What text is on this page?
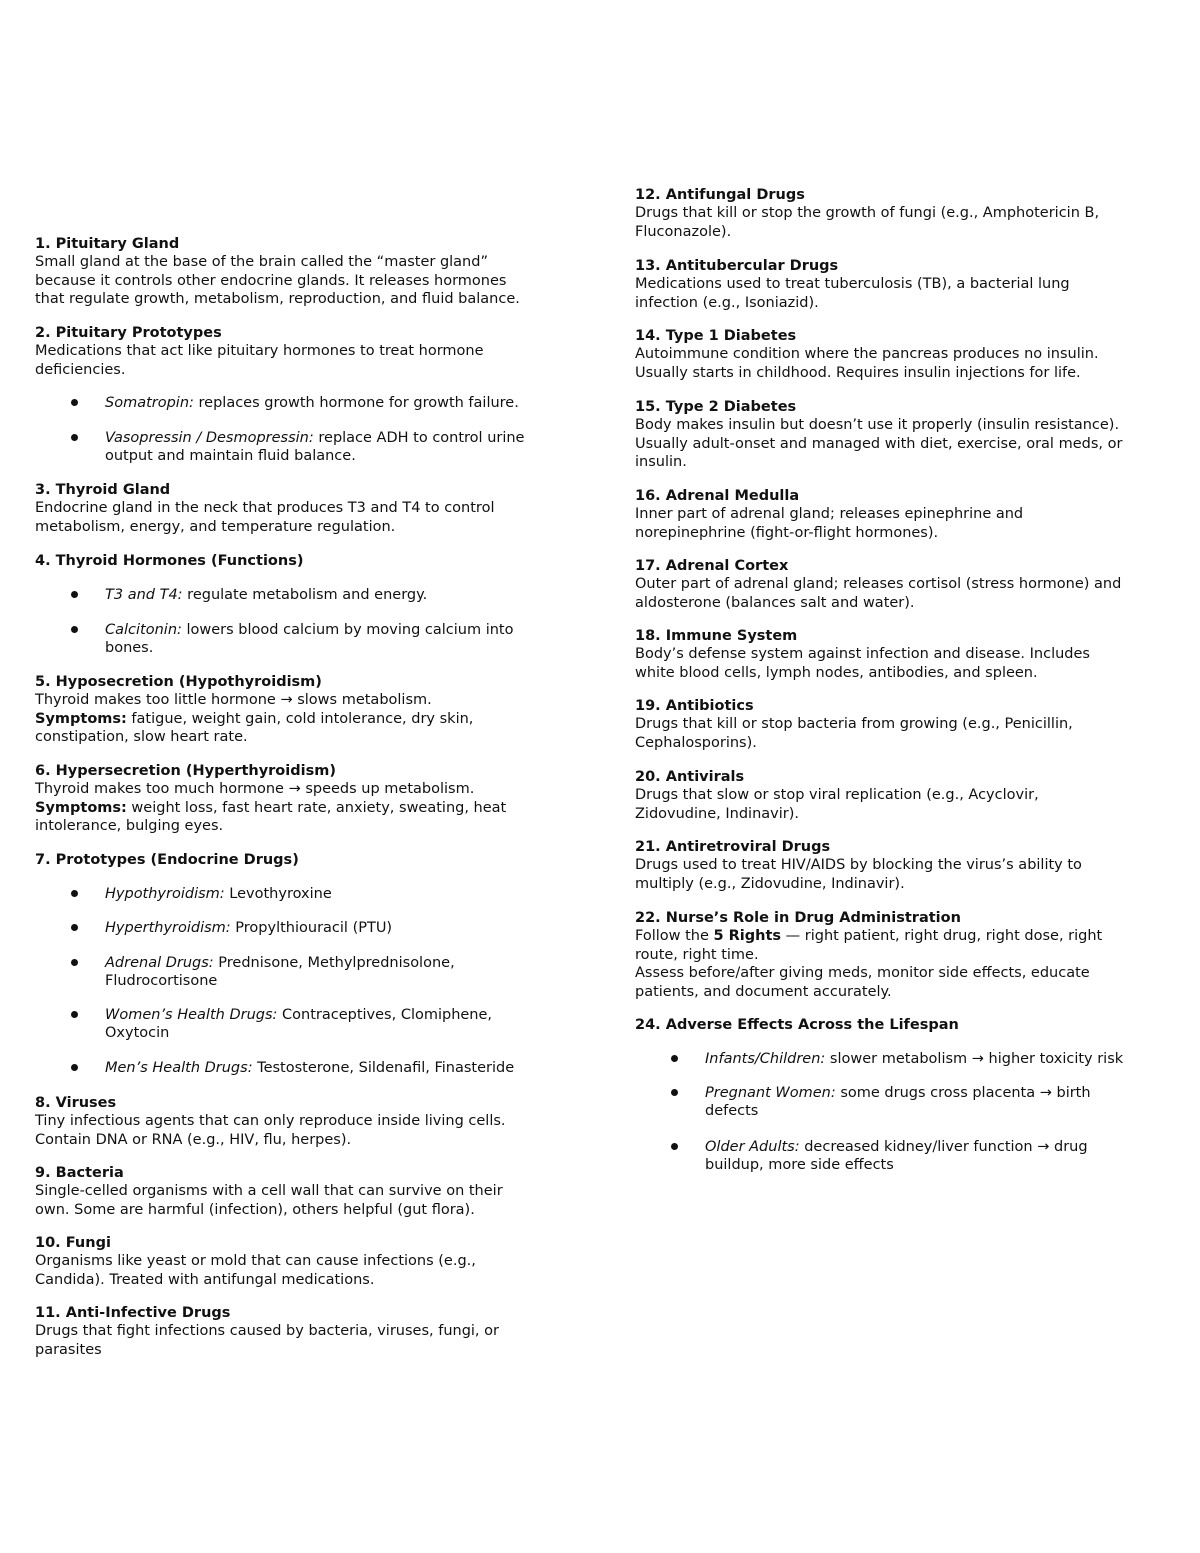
1. Pituitary Gland

Small gland at the base of the brain called the “master gland”
because it controls other endocrine glands. It releases hormones
that regulate growth, metabolism, reproduction, and fluid balance.

2. Pituitary Prototypes

Medications that act like pituitary hormones to treat hormone
deficiencies.

Somatropin: replaces growth hormone for growth failure.

Vasopressin / Desmopressin: replace ADH to control urine
output and maintain fluid balance.

3. Thyroid Gland

Endocrine gland in the neck that produces T3 and T4 to control
metabolism, energy, and temperature regulation.

4. Thyroid Hormones (Functions)

T3 and T4: regulate metabolism and energy.

Calcitonin: lowers blood calcium by moving calcium into
bones.

5. Hyposecretion (Hypothyroidism)

Thyroid makes too little hormone → slows metabolism.
Symptoms: fatigue, weight gain, cold intolerance, dry skin,
constipation, slow heart rate.

6. Hypersecretion (Hyperthyroidism)

Thyroid makes too much hormone → speeds up metabolism.
Symptoms: weight loss, fast heart rate, anxiety, sweating, heat
intolerance, bulging eyes.

7. Prototypes (Endocrine Drugs)

Hypothyroidism: Levothyroxine

Hyperthyroidism: Propylthiouracil (PTU)

Adrenal Drugs: Prednisone, Methylprednisolone,
Fludrocortisone

Women’s Health Drugs: Contraceptives, Clomiphene,
Oxytocin

Men’s Health Drugs: Testosterone, Sildenafil, Finasteride

8. Viruses

Tiny infectious agents that can only reproduce inside living cells.
Contain DNA or RNA (e.g., HIV, flu, herpes).

9. Bacteria

Single-celled organisms with a cell wall that can survive on their
own. Some are harmful (infection), others helpful (gut flora).

10. Fungi

Organisms like yeast or mold that can cause infections (e.g.,
Candida). Treated with antifungal medications.

11. Anti-Infective Drugs

Drugs that fight infections caused by bacteria, viruses, fungi, or
parasites

12. Antifungal Drugs

Drugs that kill or stop the growth of fungi (e.g., Amphotericin B,
Fluconazole).

13. Antitubercular Drugs

Medications used to treat tuberculosis (TB), a bacterial lung
infection (e.g., Isoniazid).

14. Type 1 Diabetes

Autoimmune condition where the pancreas produces no insulin.
Usually starts in childhood. Requires insulin injections for life.

15. Type 2 Diabetes

Body makes insulin but doesn’t use it properly (insulin resistance).
Usually adult-onset and managed with diet, exercise, oral meds, or
insulin.

16. Adrenal Medulla

Inner part of adrenal gland; releases epinephrine and
norepinephrine (fight-or-flight hormones).

17. Adrenal Cortex

Outer part of adrenal gland; releases cortisol (stress hormone) and
aldosterone (balances salt and water).

18. Immune System

Body’s defense system against infection and disease. Includes
white blood cells, lymph nodes, antibodies, and spleen.

19. Antibiotics

Drugs that kill or stop bacteria from growing (e.g., Penicillin,
Cephalosporins).

20. Antivirals

Drugs that slow or stop viral replication (e.g., Acyclovir,
Zidovudine, Indinavir).

21. Antiretroviral Drugs

Drugs used to treat HIV/AIDS by blocking the virus’s ability to
multiply (e.g., Zidovudine, Indinavir).

22. Nurse’s Role in Drug Administration

Follow the 5 Rights — right patient, right drug, right dose, right
route, right time.
Assess before/after giving meds, monitor side effects, educate
patients, and document accurately.

24. Adverse Effects Across the Lifespan

Infants/Children: slower metabolism → higher toxicity risk

Pregnant Women: some drugs cross placenta → birth
defects

Older Adults: decreased kidney/liver function → drug
buildup, more side effects
